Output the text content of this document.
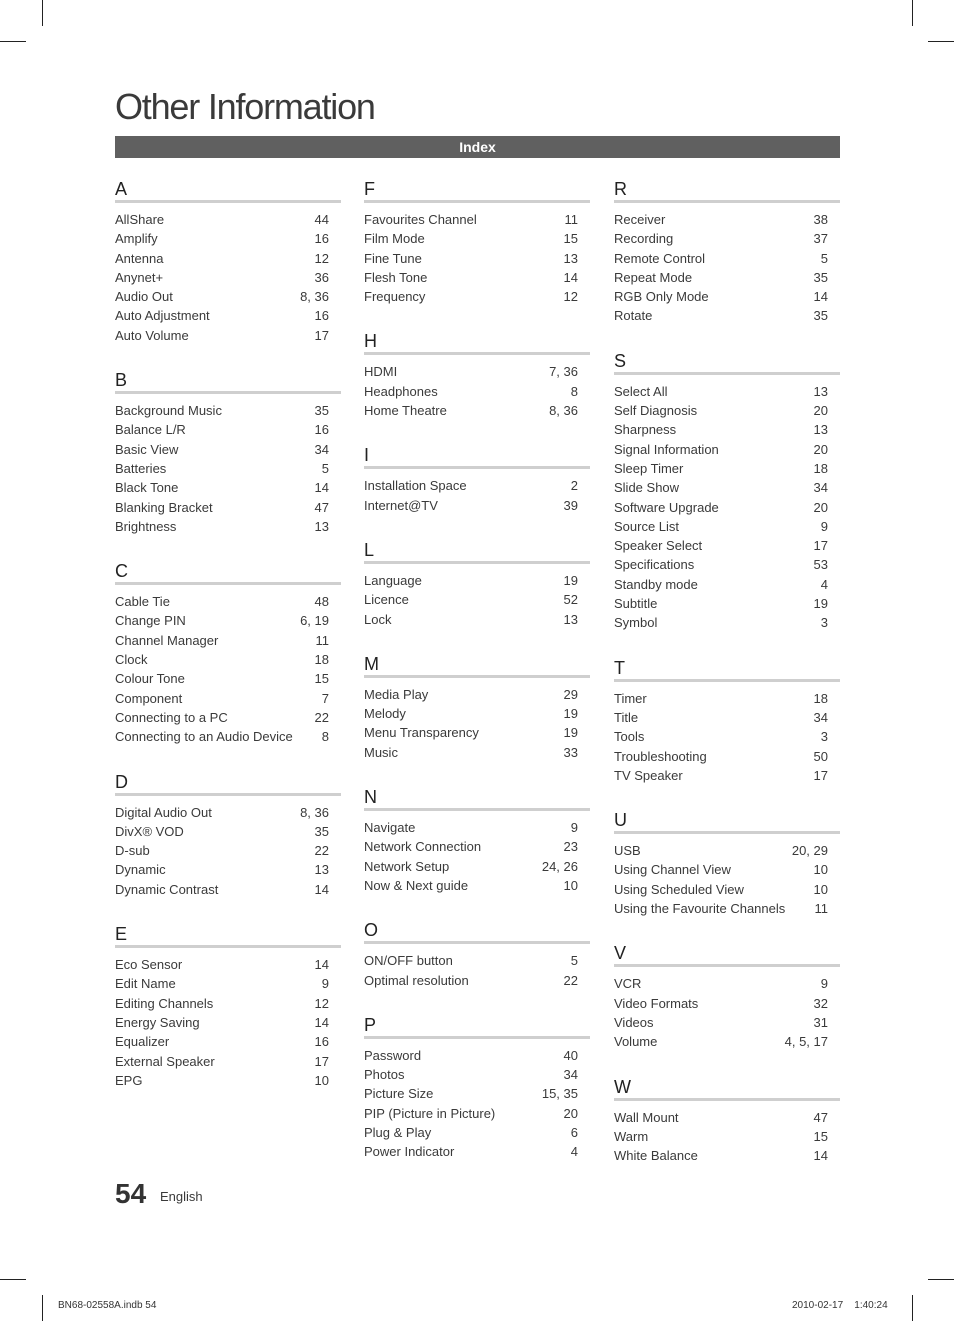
Other Information
Index
A
AllShare	44
Amplify	16
Antenna	12
Anynet+	36
Audio Out	8, 36
Auto Adjustment	16
Auto Volume	17
B
Background Music	35
Balance L/R	16
Basic View	34
Batteries	5
Black Tone	14
Blanking Bracket	47
Brightness	13
C
Cable Tie	48
Change PIN	6, 19
Channel Manager	11
Clock	18
Colour Tone	15
Component	7
Connecting to a PC	22
Connecting to an Audio Device 8
D
Digital Audio Out	8, 36
DivX® VOD	35
D-sub	22
Dynamic	13
Dynamic Contrast	14
E
Eco Sensor	14
Edit Name	9
Editing Channels	12
Energy Saving	14
Equalizer	16
External Speaker	17
EPG	10
F
Favourites Channel	11
Film Mode	15
Fine Tune	13
Flesh Tone	14
Frequency	12
H
HDMI	7, 36
Headphones	8
Home Theatre	8, 36
I
Installation Space	2
Internet@TV	39
L
Language	19
Licence	52
Lock	13
M
Media Play	29
Melody	19
Menu Transparency	19
Music	33
N
Navigate	9
Network Connection	23
Network Setup	24, 26
Now & Next guide	10
O
ON/OFF button	5
Optimal resolution	22
P
Password	40
Photos	34
Picture Size	15, 35
PIP (Picture in Picture)	20
Plug & Play	6
Power Indicator	4
R
Receiver	38
Recording	37
Remote Control	5
Repeat Mode	35
RGB Only Mode	14
Rotate	35
S
Select All	13
Self Diagnosis	20
Sharpness	13
Signal Information	20
Sleep Timer	18
Slide Show	34
Software Upgrade	20
Source List	9
Speaker Select	17
Specifications	53
Standby mode	4
Subtitle	19
Symbol	3
T
Timer	18
Title	34
Tools	3
Troubleshooting	50
TV Speaker	17
U
USB	20, 29
Using Channel View	10
Using Scheduled View	10
Using the Favourite Channels 11
V
VCR	9
Video Formats	32
Videos	31
Volume	4, 5, 17
W
Wall Mount	47
Warm	15
White Balance	14
54 English
BN68-02558A.indb 54	2010-02-17    1:40:24
